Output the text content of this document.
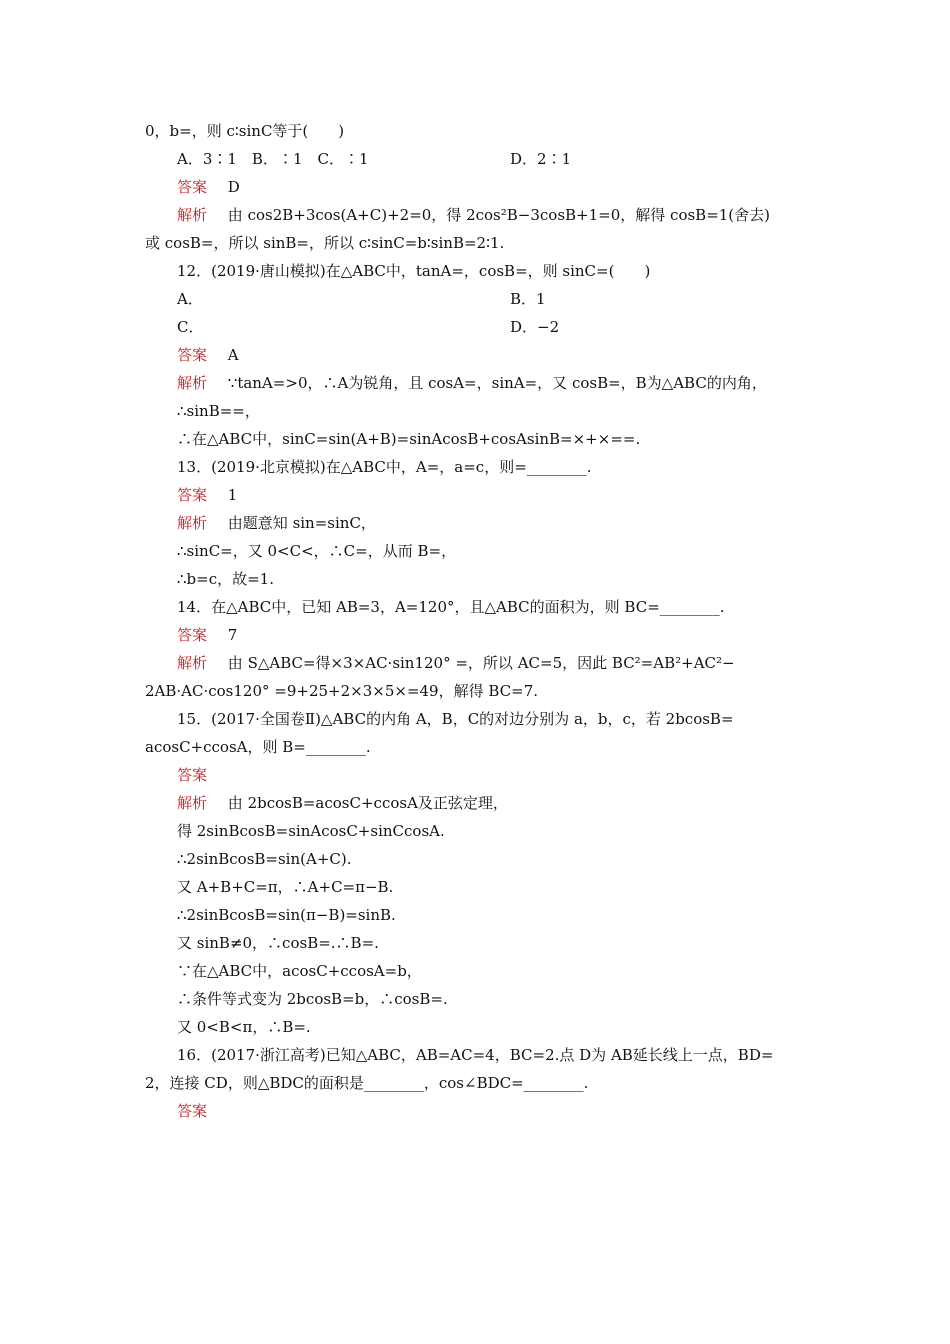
0，b=，则 c∶sinC等于(　　)
A．3∶1　B．∶1　C．∶1	D．2∶1
答案 D
解析 由 cos2B+3cos(A+C)+2=0，得 2cos²B−3cosB+1=0，解得 cosB=1(舍去)
或 cosB=，所以 sinB=，所以 c∶sinC=b∶sinB=2∶1.
12．(2019·唐山模拟)在△ABC中，tanA=，cosB=，则 sinC=(　　)
A．	B．1
C．	D．−2
答案 A
解析 ∵tanA=>0，∴A为锐角，且 cosA=，sinA=，又 cosB=，B为△ABC的内角，
∴sinB==，
∴在△ABC中，sinC=sin(A+B)=sinAcosB+cosAsinB=×+×==.
13．(2019·北京模拟)在△ABC中，A=，a=c，则=________.
答案 1
解析 由题意知 sin=sinC，
∴sinC=，又 0<C<，∴C=，从而 B=，
∴b=c，故=1.
14．在△ABC中，已知 AB=3，A=120°，且△ABC的面积为，则 BC=________.
答案 7
解析 由 S△ABC=得×3×AC·sin120° =，所以 AC=5，因此 BC²=AB²+AC²−
2AB·AC·cos120° =9+25+2×3×5×=49，解得 BC=7.
15．(2017·全国卷Ⅱ)△ABC的内角 A，B，C的对边分别为 a，b，c，若 2bcosB=
acosC+ccosA，则 B=________.
答案
解析 由 2bcosB=acosC+ccosA及正弦定理，
得 2sinBcosB=sinAcosC+sinCcosA.
∴2sinBcosB=sin(A+C).
又 A+B+C=π，∴A+C=π−B.
∴2sinBcosB=sin(π−B)=sinB.
又 sinB≠0，∴cosB=.∴B=.
∵在△ABC中，acosC+ccosA=b，
∴条件等式变为 2bcosB=b，∴cosB=.
又 0<B<π，∴B=.
16．(2017·浙江高考)已知△ABC，AB=AC=4，BC=2.点 D为 AB延长线上一点，BD=
2，连接 CD，则△BDC的面积是________，cos∠BDC=________.
答案
